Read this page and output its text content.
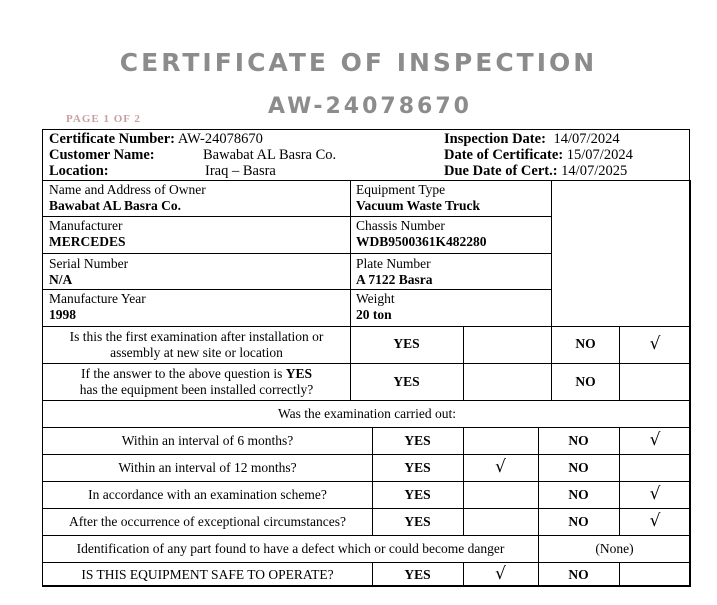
CERTIFICATE OF INSPECTION
AW-24078670
PAGE 1 OF 2
Certificate Number: AW-24078670
Customer Name:	Bawabat AL Basra Co.
Location:	Iraq – Basra
Inspection Date: 14/07/2024
Date of Certificate: 15/07/2024
Due Date of Cert.: 14/07/2025
Name and Address of Owner
Bawabat AL Basra Co.
Equipment Type
Vacuum Waste Truck
Manufacturer
MERCEDES
Chassis Number
WDB9500361K482280
Serial Number
N/A
Plate Number
A 7122 Basra
Manufacture Year
1998
Weight
20 ton
Is this the first examination after installation or
assembly at new site or location
YES	NO	√
If the answer to the above question is YES
has the equipment been installed correctly?
YES	NO
Was the examination carried out:
Within an interval of 6 months?	YES	NO	√
Within an interval of 12 months?	YES	√	NO
In accordance with an examination scheme?	YES	NO	√
After the occurrence of exceptional circumstances?	YES	NO	√
Identification of any part found to have a defect which or could become danger	(None)
IS THIS EQUIPMENT SAFE TO OPERATE?	YES	√	NO
